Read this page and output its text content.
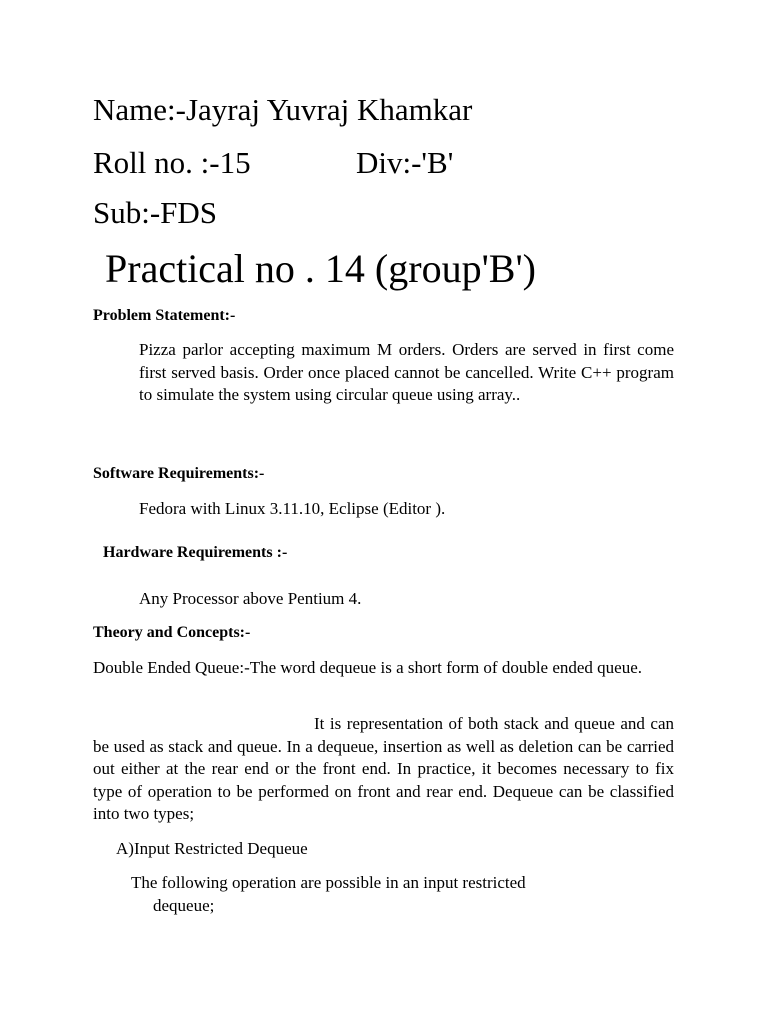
Name:-Jayraj Yuvraj Khamkar
Roll no. :-15	Div:-'B'
Sub:-FDS
Practical no . 14 (group'B')
Problem Statement:-
Pizza parlor accepting maximum M orders. Orders are served in first come first served basis. Order once placed cannot be cancelled. Write C++ program to simulate the system using circular queue using array..
Software Requirements:-
Fedora with Linux 3.11.10, Eclipse (Editor ).
Hardware Requirements :-
Any Processor above Pentium 4.
Theory and Concepts:-
Double Ended Queue:-The word dequeue is a short form of double ended queue.
It is representation of both stack and queue and can be used as stack and queue. In a dequeue, insertion as well as deletion can be carried out either at the rear end or the front end. In practice, it becomes necessary to fix type of operation to be performed on front and rear end. Dequeue can be classified into two types;
A)Input Restricted Dequeue
The following operation are possible in an input restricted
dequeue;
